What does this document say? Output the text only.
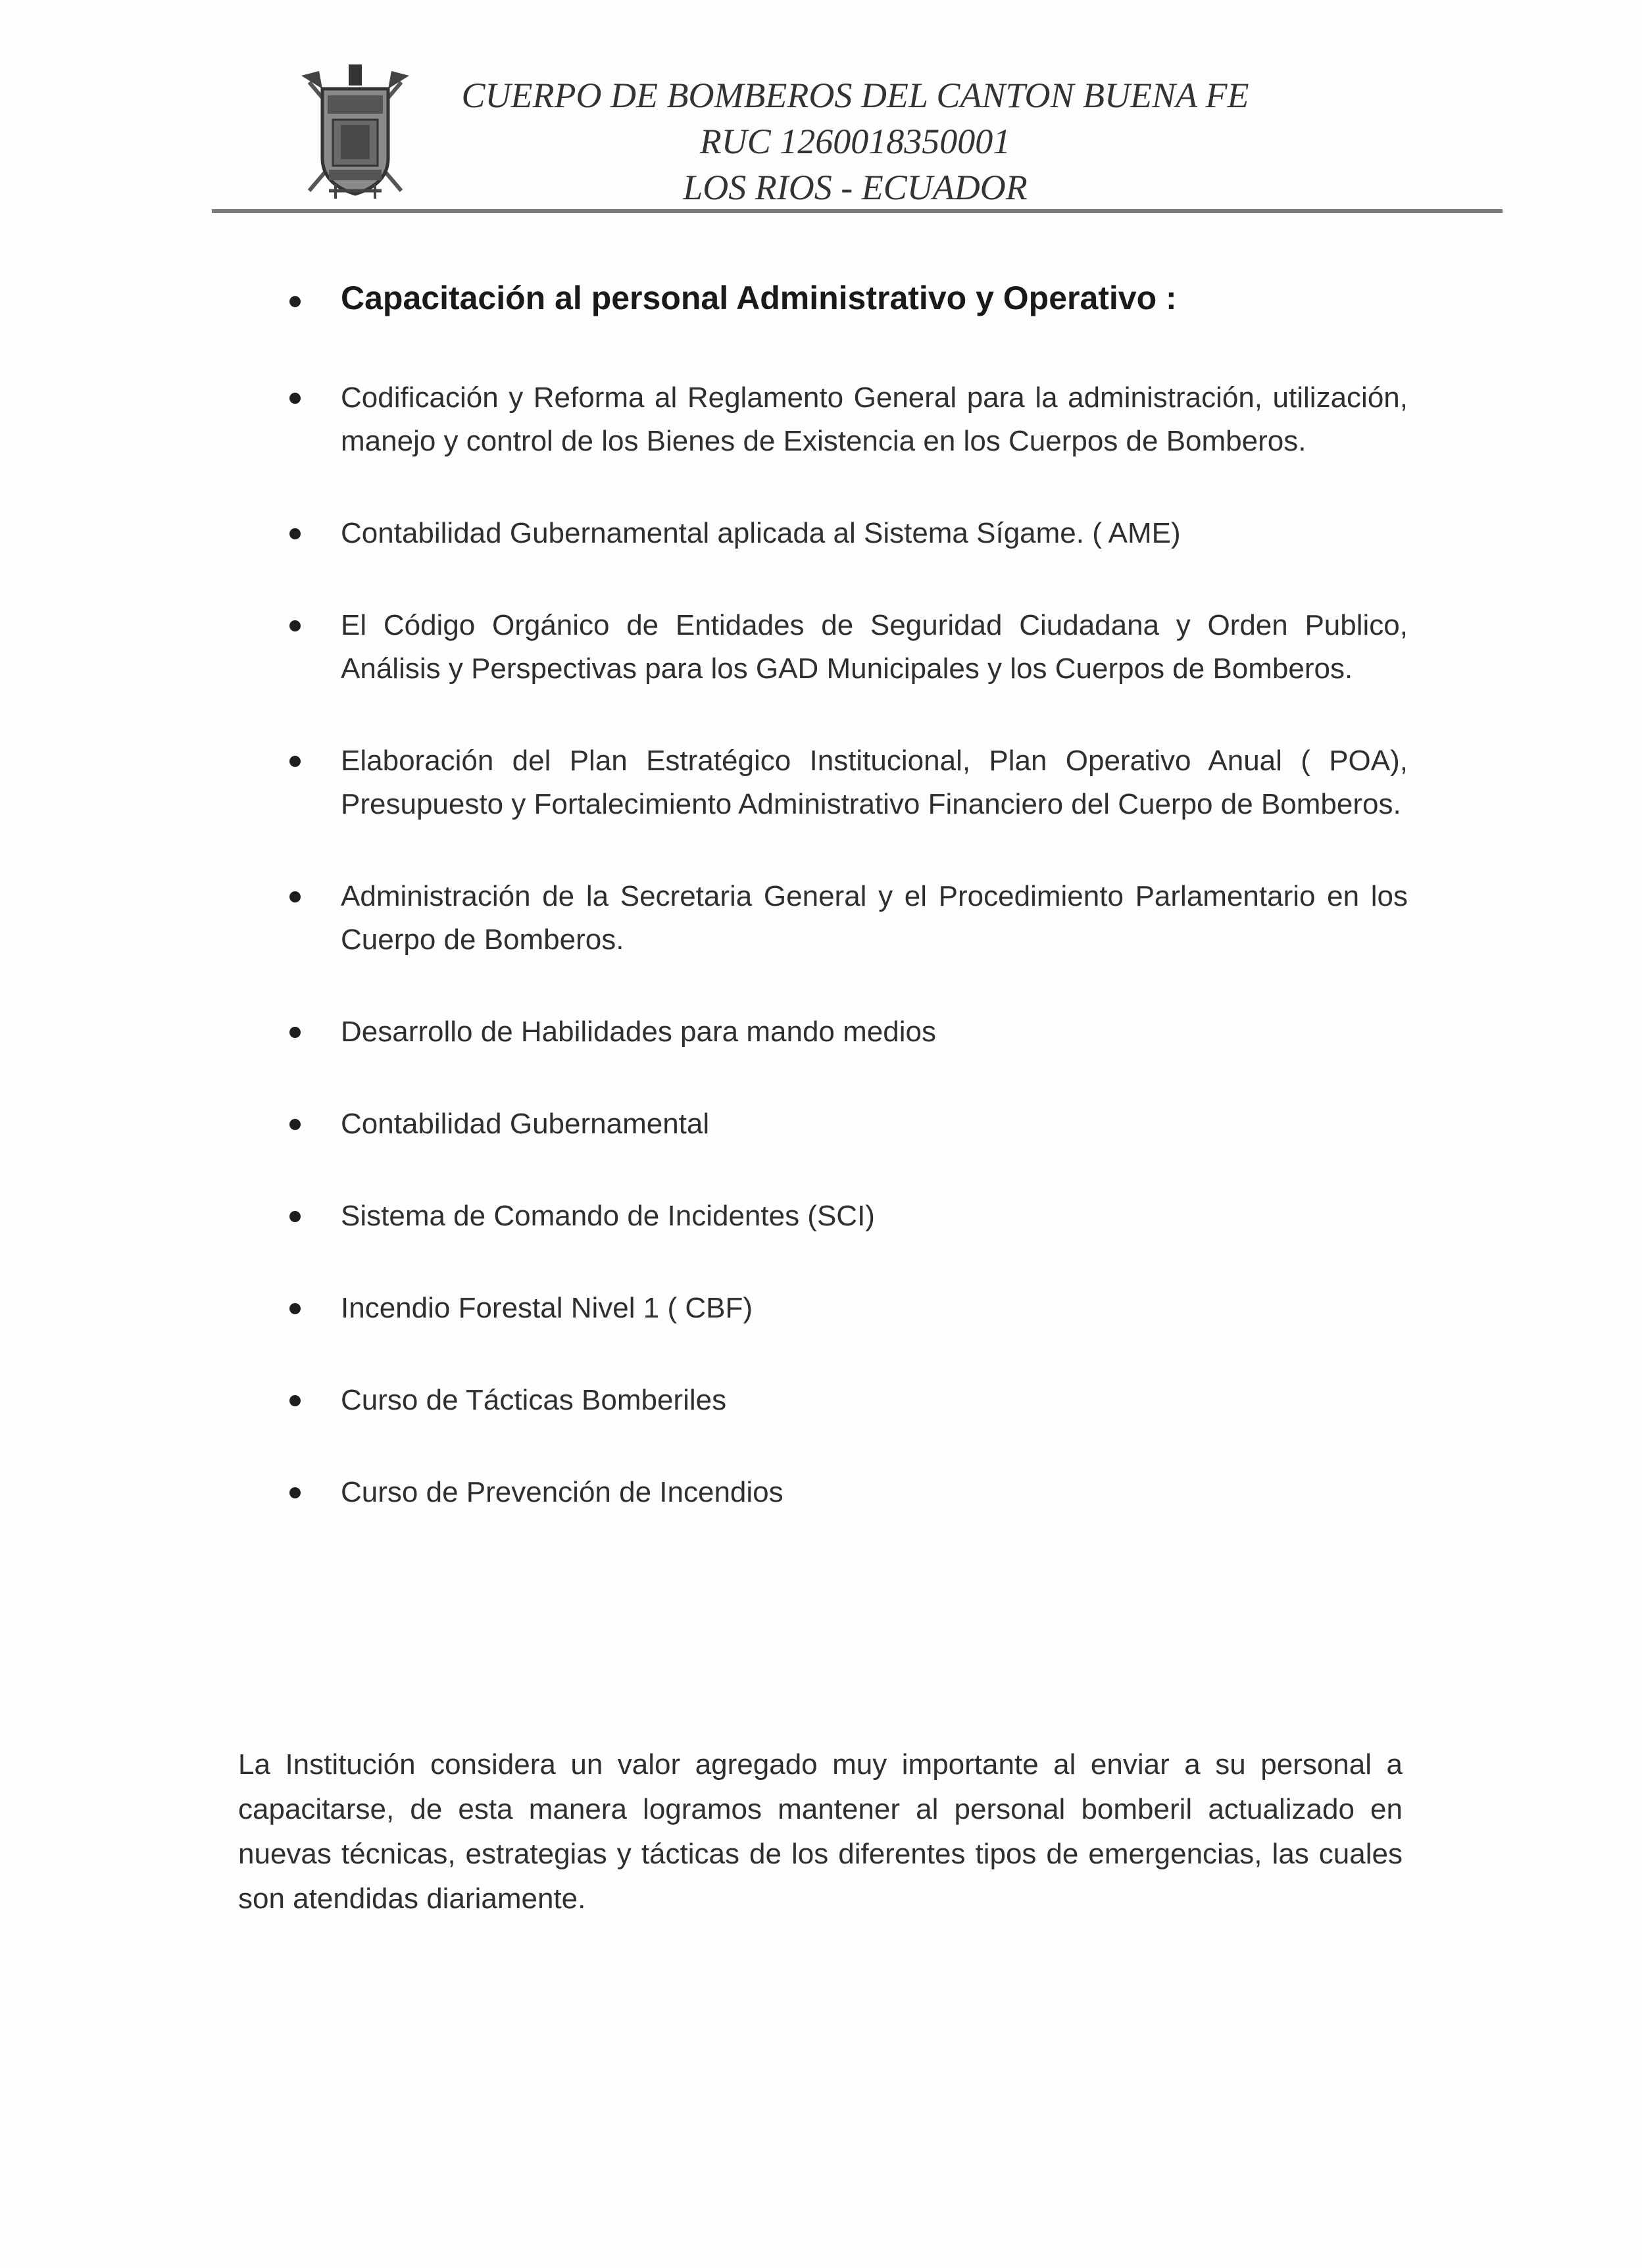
CUERPO DE BOMBEROS DEL CANTON BUENA FE
RUC 1260018350001
LOS RIOS - ECUADOR
Capacitación al personal Administrativo y Operativo :
Codificación y Reforma al Reglamento General para la administración, utilización, manejo y control de los Bienes de Existencia en los Cuerpos de Bomberos.
Contabilidad Gubernamental aplicada al Sistema Sígame. ( AME)
El Código Orgánico de Entidades de Seguridad Ciudadana y Orden Publico, Análisis y Perspectivas para los GAD Municipales y los Cuerpos de Bomberos.
Elaboración del Plan Estratégico Institucional, Plan Operativo Anual ( POA), Presupuesto y Fortalecimiento Administrativo Financiero del Cuerpo de Bomberos.
Administración de la Secretaria General y el Procedimiento Parlamentario en los Cuerpo de Bomberos.
Desarrollo de Habilidades para mando medios
Contabilidad Gubernamental
Sistema de Comando de Incidentes (SCI)
Incendio Forestal Nivel 1 ( CBF)
Curso de Tácticas Bomberiles
Curso de Prevención de Incendios

La Institución considera un valor agregado muy importante al enviar a su personal a capacitarse, de esta manera logramos mantener al personal bomberil actualizado en nuevas técnicas, estrategias y tácticas de los diferentes tipos de emergencias, las cuales son atendidas diariamente.
